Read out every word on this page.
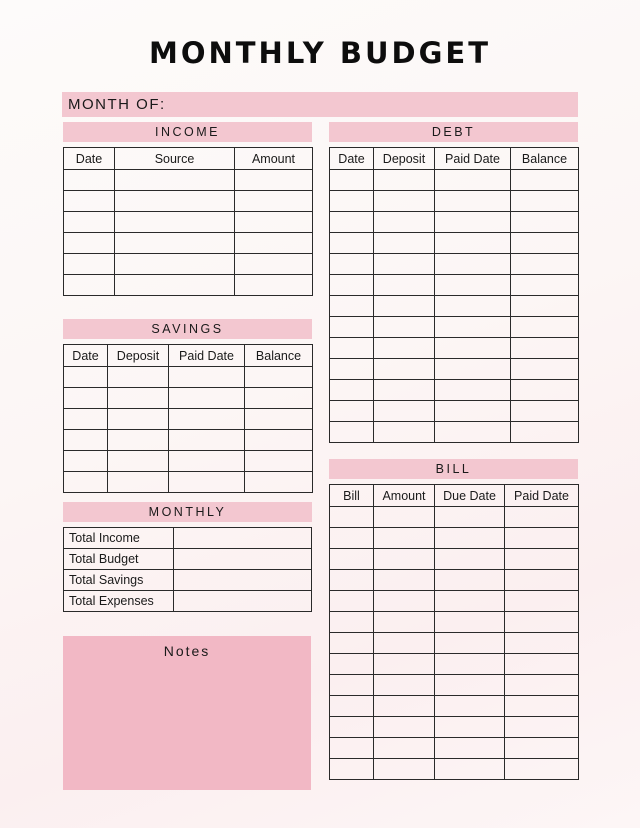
MONTHLY BUDGET
MONTH OF:
INCOME
Date	Source	Amount

SAVINGS
Date	Deposit	Paid Date	Balance

MONTHLY
Total Income	
Total Budget	
Total Savings	
Total Expenses	
Notes
DEBT
Date	Deposit	Paid Date	Balance

BILL
Bill	Amount	Due Date	Paid Date
